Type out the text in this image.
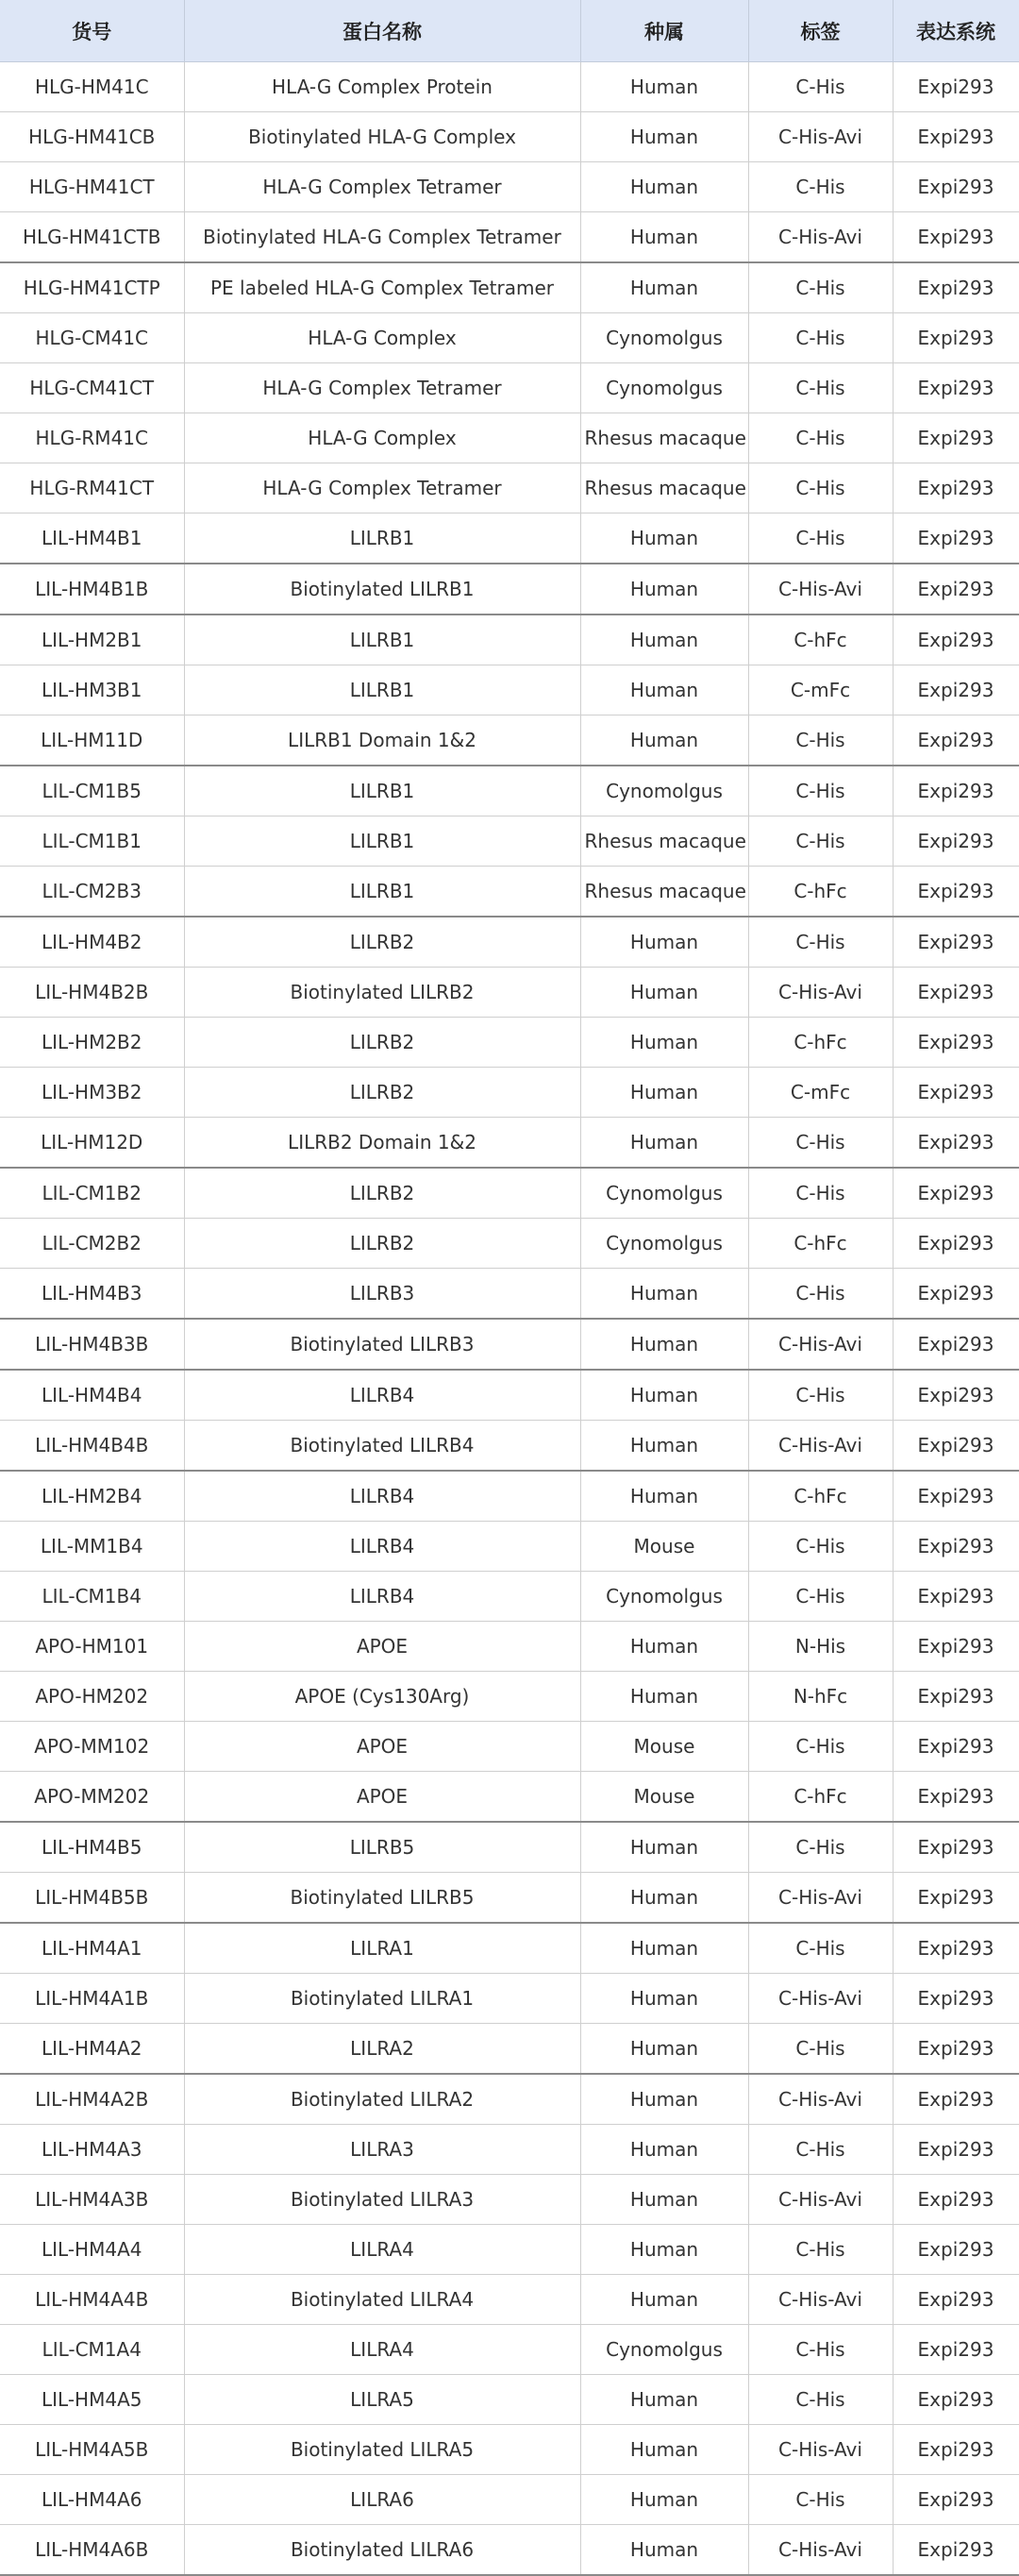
货号	蛋白名称	种属	标签	表达系统
HLG-HM41C	HLA-G Complex Protein	Human	C-His	Expi293
HLG-HM41CB	Biotinylated HLA-G Complex	Human	C-His-Avi	Expi293
HLG-HM41CT	HLA-G Complex Tetramer	Human	C-His	Expi293
HLG-HM41CTB	Biotinylated HLA-G Complex Tetramer	Human	C-His-Avi	Expi293
HLG-HM41CTP	PE labeled HLA-G Complex Tetramer	Human	C-His	Expi293
HLG-CM41C	HLA-G Complex	Cynomolgus	C-His	Expi293
HLG-CM41CT	HLA-G Complex Tetramer	Cynomolgus	C-His	Expi293
HLG-RM41C	HLA-G Complex	Rhesus macaque	C-His	Expi293
HLG-RM41CT	HLA-G Complex Tetramer	Rhesus macaque	C-His	Expi293
LIL-HM4B1	LILRB1	Human	C-His	Expi293
LIL-HM4B1B	Biotinylated LILRB1	Human	C-His-Avi	Expi293
LIL-HM2B1	LILRB1	Human	C-hFc	Expi293
LIL-HM3B1	LILRB1	Human	C-mFc	Expi293
LIL-HM11D	LILRB1 Domain 1&2	Human	C-His	Expi293
LIL-CM1B5	LILRB1	Cynomolgus	C-His	Expi293
LIL-CM1B1	LILRB1	Rhesus macaque	C-His	Expi293
LIL-CM2B3	LILRB1	Rhesus macaque	C-hFc	Expi293
LIL-HM4B2	LILRB2	Human	C-His	Expi293
LIL-HM4B2B	Biotinylated LILRB2	Human	C-His-Avi	Expi293
LIL-HM2B2	LILRB2	Human	C-hFc	Expi293
LIL-HM3B2	LILRB2	Human	C-mFc	Expi293
LIL-HM12D	LILRB2 Domain 1&2	Human	C-His	Expi293
LIL-CM1B2	LILRB2	Cynomolgus	C-His	Expi293
LIL-CM2B2	LILRB2	Cynomolgus	C-hFc	Expi293
LIL-HM4B3	LILRB3	Human	C-His	Expi293
LIL-HM4B3B	Biotinylated LILRB3	Human	C-His-Avi	Expi293
LIL-HM4B4	LILRB4	Human	C-His	Expi293
LIL-HM4B4B	Biotinylated LILRB4	Human	C-His-Avi	Expi293
LIL-HM2B4	LILRB4	Human	C-hFc	Expi293
LIL-MM1B4	LILRB4	Mouse	C-His	Expi293
LIL-CM1B4	LILRB4	Cynomolgus	C-His	Expi293
APO-HM101	APOE	Human	N-His	Expi293
APO-HM202	APOE (Cys130Arg)	Human	N-hFc	Expi293
APO-MM102	APOE	Mouse	C-His	Expi293
APO-MM202	APOE	Mouse	C-hFc	Expi293
LIL-HM4B5	LILRB5	Human	C-His	Expi293
LIL-HM4B5B	Biotinylated LILRB5	Human	C-His-Avi	Expi293
LIL-HM4A1	LILRA1	Human	C-His	Expi293
LIL-HM4A1B	Biotinylated LILRA1	Human	C-His-Avi	Expi293
LIL-HM4A2	LILRA2	Human	C-His	Expi293
LIL-HM4A2B	Biotinylated LILRA2	Human	C-His-Avi	Expi293
LIL-HM4A3	LILRA3	Human	C-His	Expi293
LIL-HM4A3B	Biotinylated LILRA3	Human	C-His-Avi	Expi293
LIL-HM4A4	LILRA4	Human	C-His	Expi293
LIL-HM4A4B	Biotinylated LILRA4	Human	C-His-Avi	Expi293
LIL-CM1A4	LILRA4	Cynomolgus	C-His	Expi293
LIL-HM4A5	LILRA5	Human	C-His	Expi293
LIL-HM4A5B	Biotinylated LILRA5	Human	C-His-Avi	Expi293
LIL-HM4A6	LILRA6	Human	C-His	Expi293
LIL-HM4A6B	Biotinylated LILRA6	Human	C-His-Avi	Expi293
